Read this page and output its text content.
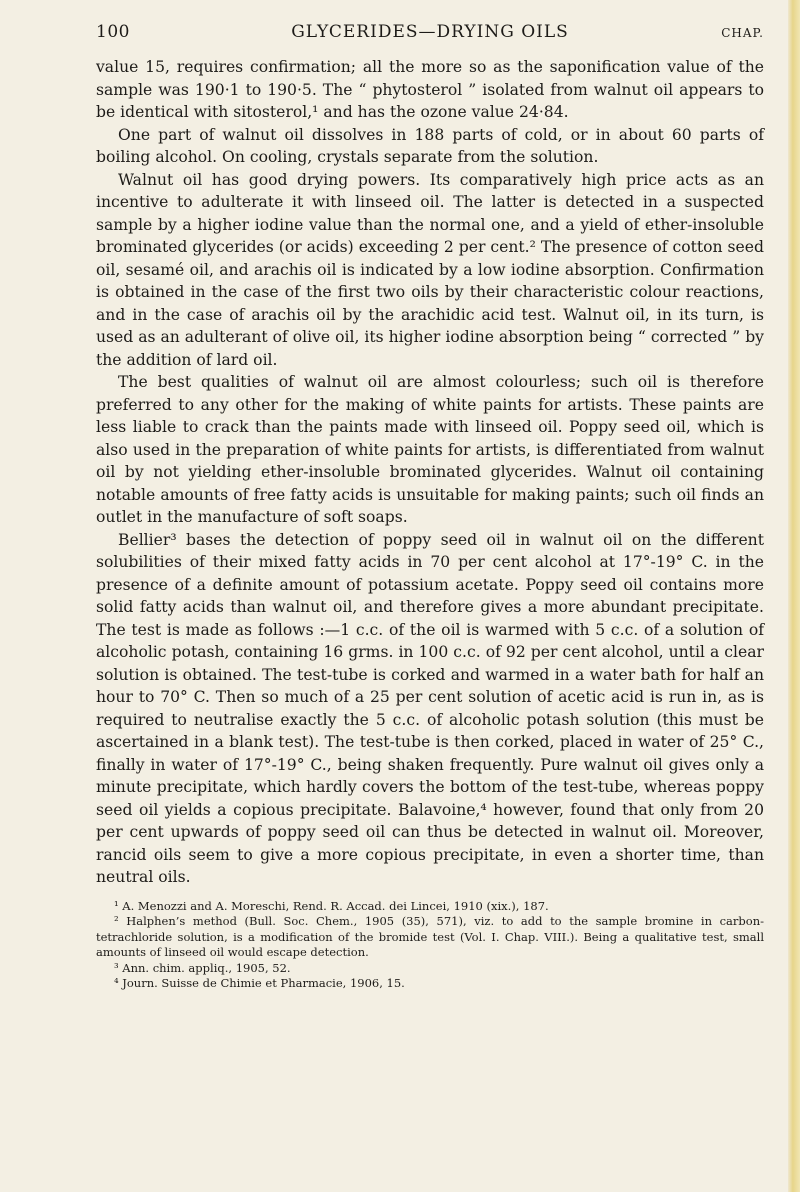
100	GLYCERIDES—DRYING OILS	CHAP.

value 15, requires confirmation; all the more so as the saponification value of the sample was 190·1 to 190·5. The “ phytosterol ” isolated from walnut oil appears to be identical with sitosterol,¹ and has the ozone value 24·84.

One part of walnut oil dissolves in 188 parts of cold, or in about 60 parts of boiling alcohol. On cooling, crystals separate from the solution.

Walnut oil has good drying powers. Its comparatively high price acts as an incentive to adulterate it with linseed oil. The latter is detected in a suspected sample by a higher iodine value than the normal one, and a yield of ether-insoluble brominated glycerides (or acids) exceeding 2 per cent.² The presence of cotton seed oil, sesamé oil, and arachis oil is indicated by a low iodine absorption. Confirmation is obtained in the case of the first two oils by their characteristic colour reactions, and in the case of arachis oil by the arachidic acid test. Walnut oil, in its turn, is used as an adulterant of olive oil, its higher iodine absorption being “ corrected ” by the addition of lard oil.

The best qualities of walnut oil are almost colourless; such oil is therefore preferred to any other for the making of white paints for artists. These paints are less liable to crack than the paints made with linseed oil. Poppy seed oil, which is also used in the preparation of white paints for artists, is differentiated from walnut oil by not yielding ether-insoluble brominated glycerides. Walnut oil containing notable amounts of free fatty acids is unsuitable for making paints; such oil finds an outlet in the manufacture of soft soaps.

Bellier³ bases the detection of poppy seed oil in walnut oil on the different solubilities of their mixed fatty acids in 70 per cent alcohol at 17°-19° C. in the presence of a definite amount of potassium acetate. Poppy seed oil contains more solid fatty acids than walnut oil, and therefore gives a more abundant precipitate. The test is made as follows :—1 c.c. of the oil is warmed with 5 c.c. of a solution of alcoholic potash, containing 16 grms. in 100 c.c. of 92 per cent alcohol, until a clear solution is obtained. The test-tube is corked and warmed in a water bath for half an hour to 70° C. Then so much of a 25 per cent solution of acetic acid is run in, as is required to neutralise exactly the 5 c.c. of alcoholic potash solution (this must be ascertained in a blank test). The test-tube is then corked, placed in water of 25° C., finally in water of 17°-19° C., being shaken frequently. Pure walnut oil gives only a minute precipitate, which hardly covers the bottom of the test-tube, whereas poppy seed oil yields a copious precipitate. Balavoine,⁴ however, found that only from 20 per cent upwards of poppy seed oil can thus be detected in walnut oil. Moreover, rancid oils seem to give a more copious precipitate, in even a shorter time, than neutral oils.

¹ A. Menozzi and A. Moreschi, Rend. R. Accad. dei Lincei, 1910 (xix.), 187.

² Halphen’s method (Bull. Soc. Chem., 1905 (35), 571), viz. to add to the sample bromine in carbon-tetrachloride solution, is a modification of the bromide test (Vol. I. Chap. VIII.). Being a qualitative test, small amounts of linseed oil would escape detection.

³ Ann. chim. appliq., 1905, 52.

⁴ Journ. Suisse de Chimie et Pharmacie, 1906, 15.
